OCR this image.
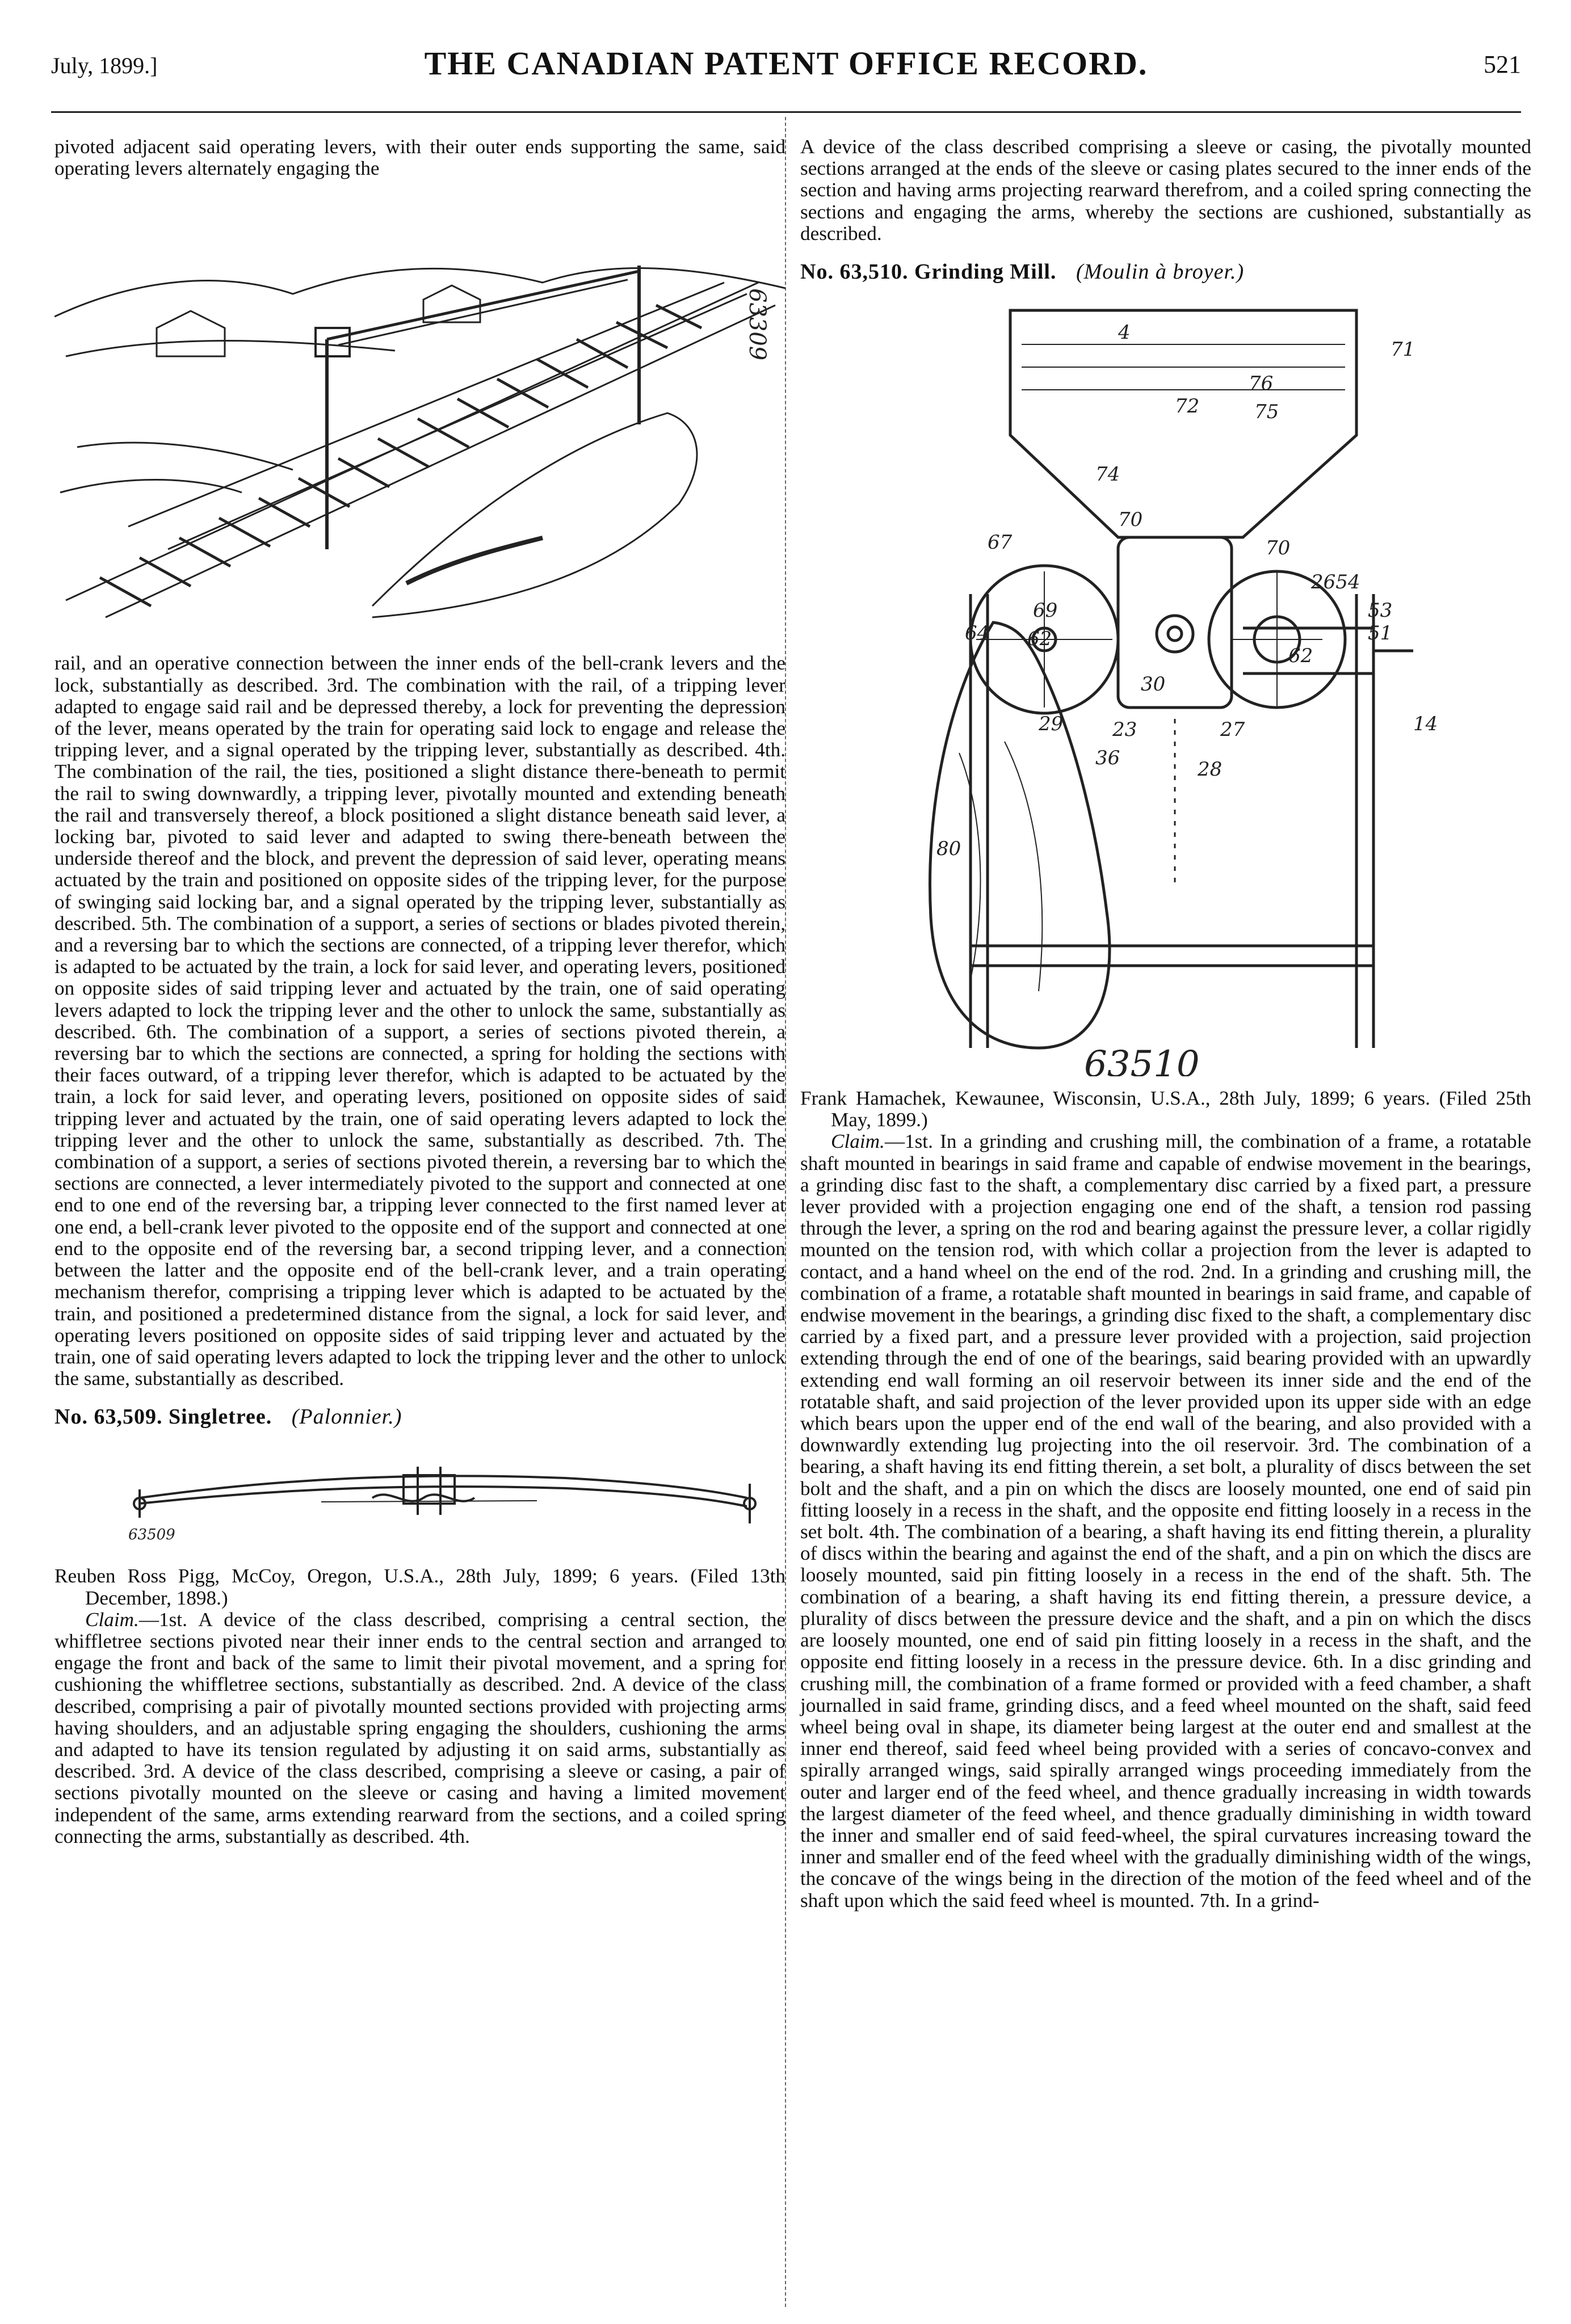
July, 1899.]	THE CANADIAN PATENT OFFICE RECORD.	521

pivoted adjacent said operating levers, with their outer ends supporting the same, said operating levers alternately engaging the

63309

rail, and an operative connection between the inner ends of the bell-crank levers and the lock, substantially as described. 3rd. The combination with the rail, of a tripping lever adapted to engage said rail and be depressed thereby, a lock for preventing the depression of the lever, means operated by the train for operating said lock to engage and release the tripping lever, and a signal operated by the tripping lever, substantially as described. 4th. The combination of the rail, the ties, positioned a slight distance there-beneath to permit the rail to swing downwardly, a tripping lever, pivotally mounted and extending beneath the rail and transversely thereof, a block positioned a slight distance beneath said lever, a locking bar, pivoted to said lever and adapted to swing there-beneath between the underside thereof and the block, and prevent the depression of said lever, operating means actuated by the train and positioned on opposite sides of the tripping lever, for the purpose of swinging said locking bar, and a signal operated by the tripping lever, substantially as described. 5th. The combination of a support, a series of sections or blades pivoted therein, and a reversing bar to which the sections are connected, of a tripping lever therefor, which is adapted to be actuated by the train, a lock for said lever, and operating levers, positioned on opposite sides of said tripping lever and actuated by the train, one of said operating levers adapted to lock the tripping lever and the other to unlock the same, substantially as described. 6th. The combination of a support, a series of sections pivoted therein, a reversing bar to which the sections are connected, a spring for holding the sections with their faces outward, of a tripping lever therefor, which is adapted to be actuated by the train, a lock for said lever, and operating levers, positioned on opposite sides of said tripping lever and actuated by the train, one of said operating levers adapted to lock the tripping lever and the other to unlock the same, substantially as described. 7th. The combination of a support, a series of sections pivoted therein, a reversing bar to which the sections are connected, a lever intermediately pivoted to the support and connected at one end to one end of the reversing bar, a tripping lever connected to the first named lever at one end, a bell-crank lever pivoted to the opposite end of the support and connected at one end to the opposite end of the reversing bar, a second tripping lever, and a connection between the latter and the opposite end of the bell-crank lever, and a train operating mechanism therefor, comprising a tripping lever which is adapted to be actuated by the train, and positioned a predetermined distance from the signal, a lock for said lever, and operating levers positioned on opposite sides of said tripping lever and actuated by the train, one of said operating levers adapted to lock the tripping lever and the other to unlock the same, substantially as described.

No. 63,509. Singletree. (Palonnier.)
63509

Reuben Ross Pigg, McCoy, Oregon, U.S.A., 28th July, 1899; 6 years. (Filed 13th December, 1898.)

Claim.—1st. A device of the class described, comprising a central section, the whiffletree sections pivoted near their inner ends to the central section and arranged to engage the front and back of the same to limit their pivotal movement, and a spring for cushioning the whiffletree sections, substantially as described. 2nd. A device of the class described, comprising a pair of pivotally mounted sections provided with projecting arms having shoulders, and an adjustable spring engaging the shoulders, cushioning the arms and adapted to have its tension regulated by adjusting it on said arms, substantially as described. 3rd. A device of the class described, comprising a sleeve or casing, a pair of sections pivotally mounted on the sleeve or casing and having a limited movement independent of the same, arms extending rearward from the sections, and a coiled spring connecting the arms, substantially as described. 4th.

A device of the class described comprising a sleeve or casing, the pivotally mounted sections arranged at the ends of the sleeve or casing plates secured to the inner ends of the section and having arms projecting rearward therefrom, and a coiled spring connecting the sections and engaging the arms, whereby the sections are cushioned, substantially as described.

No. 63,510. Grinding Mill. (Moulin à broyer.)
4
71
76
75
72
74
70
70
67
2654
53
51
69
62
62
30
29	23
36
27
28
14
80
64
63510

Frank Hamachek, Kewaunee, Wisconsin, U.S.A., 28th July, 1899; 6 years. (Filed 25th May, 1899.)

Claim.—1st. In a grinding and crushing mill, the combination of a frame, a rotatable shaft mounted in bearings in said frame and capable of endwise movement in the bearings, a grinding disc fast to the shaft, a complementary disc carried by a fixed part, a pressure lever provided with a projection engaging one end of the shaft, a tension rod passing through the lever, a spring on the rod and bearing against the pressure lever, a collar rigidly mounted on the tension rod, with which collar a projection from the lever is adapted to contact, and a hand wheel on the end of the rod. 2nd. In a grinding and crushing mill, the combination of a frame, a rotatable shaft mounted in bearings in said frame, and capable of endwise movement in the bearings, a grinding disc fixed to the shaft, a complementary disc carried by a fixed part, and a pressure lever provided with a projection, said projection extending through the end of one of the bearings, said bearing provided with an upwardly extending end wall forming an oil reservoir between its inner side and the end of the rotatable shaft, and said projection of the lever provided upon its upper side with an edge which bears upon the upper end of the end wall of the bearing, and also provided with a downwardly extending lug projecting into the oil reservoir. 3rd. The combination of a bearing, a shaft having its end fitting therein, a set bolt, a plurality of discs between the set bolt and the shaft, and a pin on which the discs are loosely mounted, one end of said pin fitting loosely in a recess in the shaft, and the opposite end fitting loosely in a recess in the set bolt. 4th. The combination of a bearing, a shaft having its end fitting therein, a plurality of discs within the bearing and against the end of the shaft, and a pin on which the discs are loosely mounted, said pin fitting loosely in a recess in the end of the shaft. 5th. The combination of a bearing, a shaft having its end fitting therein, a pressure device, a plurality of discs between the pressure device and the shaft, and a pin on which the discs are loosely mounted, one end of said pin fitting loosely in a recess in the shaft, and the opposite end fitting loosely in a recess in the pressure device. 6th. In a disc grinding and crushing mill, the combination of a frame formed or provided with a feed chamber, a shaft journalled in said frame, grinding discs, and a feed wheel mounted on the shaft, said feed wheel being oval in shape, its diameter being largest at the outer end and smallest at the inner end thereof, said feed wheel being provided with a series of concavo-convex and spirally arranged wings, said spirally arranged wings proceeding immediately from the outer and larger end of the feed wheel, and thence gradually increasing in width towards the largest diameter of the feed wheel, and thence gradually diminishing in width toward the inner and smaller end of said feed-wheel, the spiral curvatures increasing toward the inner and smaller end of the feed wheel with the gradually diminishing width of the wings, the concave of the wings being in the direction of the motion of the feed wheel and of the shaft upon which the said feed wheel is mounted. 7th. In a grind-
